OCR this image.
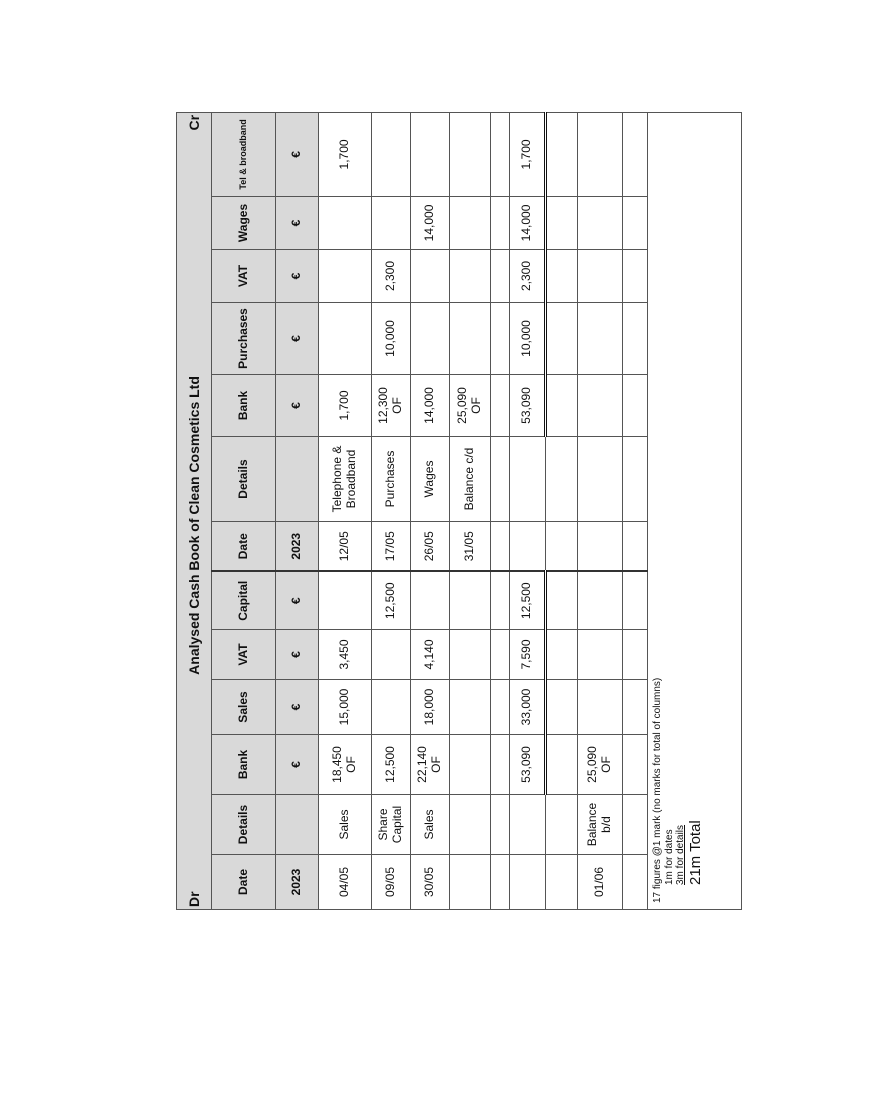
Dr	Analysed Cash Book of Clean Cosmetics Ltd											Cr
Date	Details	Bank	Sales	VAT	Capital	Date	Details	Bank	Purchases	VAT	Wages	Tel & broadband
2023		€	€	€	€	2023		€	€	€	€	€
04/05	Sales	18,450 OF	15,000	3,450		12/05	Telephone & Broadband	1,700				1,700
09/05	Share Capital	12,500			12,500	17/05	Purchases	12,300 OF	10,000	2,300		
30/05	Sales	22,140 OF	18,000	4,140		26/05	Wages	14,000			14,000	
						31/05	Balance c/d	25,090 OF				

		53,090	33,000	7,590	12,500			53,090	10,000	2,300	14,000	1,700

01/06	Balance b/d	25,090 OF										

17 figures @1 mark (no marks for total of columns) 1m for dates 3m for details 21m Total												
